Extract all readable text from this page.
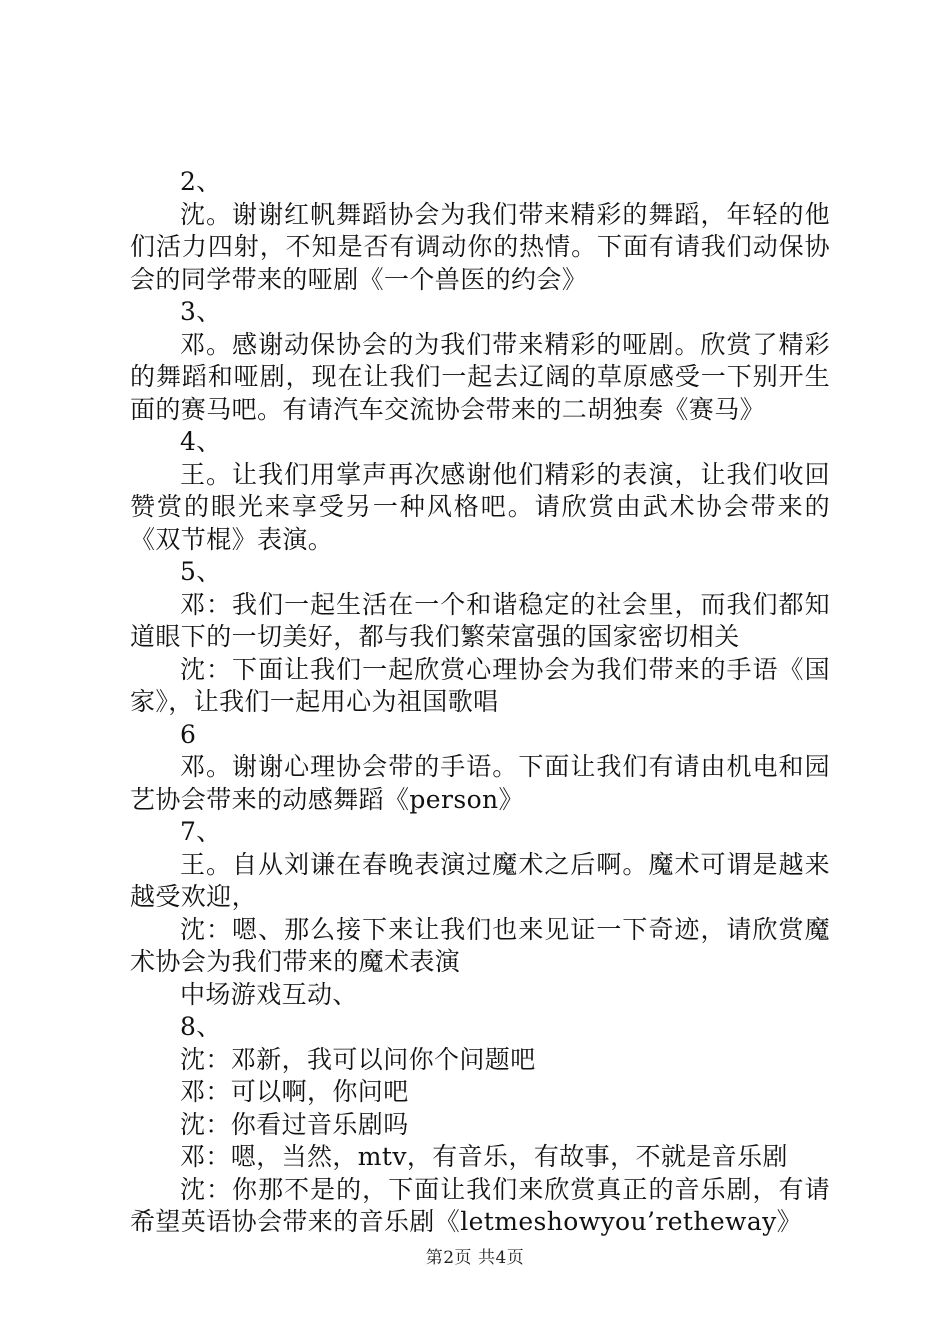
2、

沈。谢谢红帆舞蹈协会为我们带来精彩的舞蹈，年轻的他们活力四射，不知是否有调动你的热情。下面有请我们动保协会的同学带来的哑剧《一个兽医的约会》

3、

邓。感谢动保协会的为我们带来精彩的哑剧。欣赏了精彩的舞蹈和哑剧，现在让我们一起去辽阔的草原感受一下别开生面的赛马吧。有请汽车交流协会带来的二胡独奏《赛马》

4、

王。让我们用掌声再次感谢他们精彩的表演，让我们收回赞赏的眼光来享受另一种风格吧。请欣赏由武术协会带来的《双节棍》表演。

5、

邓：我们一起生活在一个和谐稳定的社会里，而我们都知道眼下的一切美好，都与我们繁荣富强的国家密切相关

沈：下面让我们一起欣赏心理协会为我们带来的手语《国家》，让我们一起用心为祖国歌唱

6

邓。谢谢心理协会带的手语。下面让我们有请由机电和园艺协会带来的动感舞蹈《person》

7、

王。自从刘谦在春晚表演过魔术之后啊。魔术可谓是越来越受欢迎，

沈：嗯、那么接下来让我们也来见证一下奇迹，请欣赏魔术协会为我们带来的魔术表演

中场游戏互动、

8、

沈：邓新，我可以问你个问题吧

邓：可以啊，你问吧

沈：你看过音乐剧吗

邓：嗯，当然，mtv，有音乐，有故事，不就是音乐剧

沈：你那不是的，下面让我们来欣赏真正的音乐剧，有请希望英语协会带来的音乐剧《letmeshowyou’retheway》

第2页 共4页
